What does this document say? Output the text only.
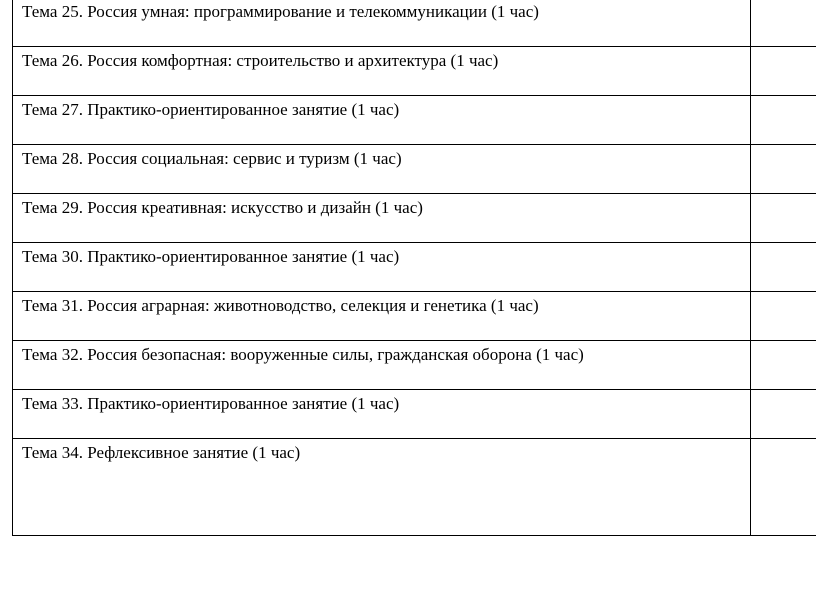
Тема 25. Россия умная: программирование и телекоммуникации (1 час)	
Тема 26. Россия комфортная: строительство и архитектура (1 час)	
Тема 27. Практико-ориентированное занятие (1 час)	
Тема 28. Россия социальная: сервис и туризм (1 час)	
Тема 29. Россия креативная: искусство и дизайн (1 час)	
Тема 30. Практико-ориентированное занятие (1 час)	
Тема 31. Россия аграрная: животноводство, селекция и генетика (1 час)	
Тема 32. Россия безопасная: вооруженные силы, гражданская оборона (1 час)	
Тема 33. Практико-ориентированное занятие (1 час)	
Тема 34. Рефлексивное занятие (1 час)	
